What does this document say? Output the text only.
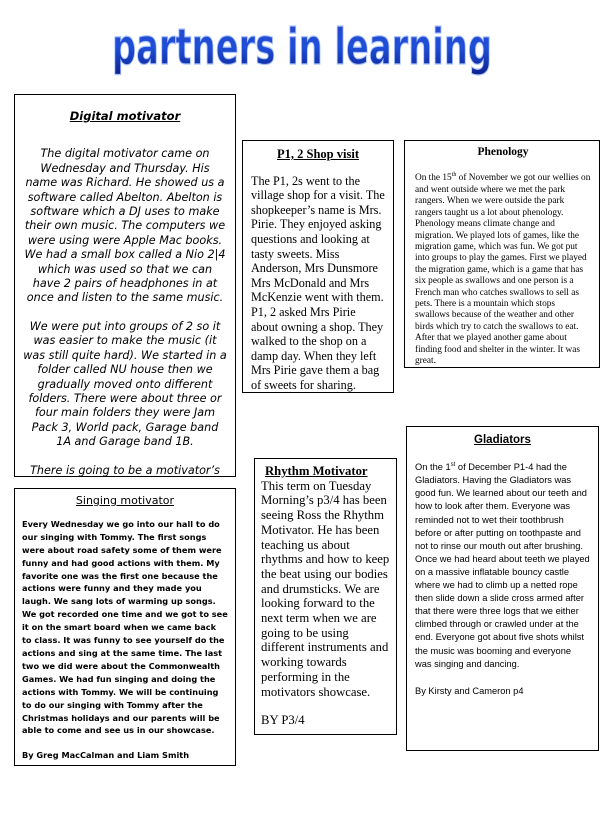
partners in learning

Digital motivator

The digital motivator came on Wednesday and Thursday. His name was Richard. He showed us a software called Abelton. Abelton is software which a DJ uses to make their own music. The computers we were using were Apple Mac books. We had a small box called a Nio 2|4 which was used so that we can have 2 pairs of headphones in at once and listen to the same music.

We were put into groups of 2 so it was easier to make the music (it was still quite hard). We started in a folder called NU house then we gradually moved onto different folders. There were about three or four main folders they were Jam Pack 3, World pack, Garage band 1A and Garage band 1B.

There is going to be a motivator’s

P1, 2 Shop visit

The P1, 2s went to the village shop for a visit. The shopkeeper’s name is Mrs. Pirie. They enjoyed asking questions and looking at tasty sweets. Miss Anderson, Mrs Dunsmore Mrs McDonald and Mrs McKenzie went with them. P1, 2 asked Mrs Pirie about owning a shop. They walked to the shop on a damp day. When they left Mrs Pirie gave them a bag of sweets for sharing.

Phenology

On the 15th of November we got our wellies on and went outside where we met the park rangers. When we were outside the park rangers taught us a lot about phenology. Phenology means climate change and migration. We played lots of games, like the migration game, which was fun. We got put into groups to play the games. First we played the migration game, which is a game that has six people as swallows and one person is a French man who catches swallows to sell as pets. There is a mountain which stops swallows because of the weather and other birds which try to catch the swallows to eat. After that we played another game about finding food and shelter in the winter. It was great.

Gladiators

On the 1st of December P1-4 had the Gladiators. Having the Gladiators was good fun. We learned about our teeth and how to look after them. Everyone was reminded not to wet their toothbrush before or after putting on toothpaste and not to rinse our mouth out after brushing. Once we had heard about teeth we played on a massive inflatable bouncy castle where we had to climb up a netted rope then slide down a slide cross armed after that there were three logs that we either climbed through or crawled under at the end. Everyone got about five shots whilst the music was booming and everyone was singing and dancing.

By Kirsty and Cameron p4

Rhythm Motivator

This term on Tuesday Morning’s p3/4 has been seeing Ross the Rhythm Motivator. He has been teaching us about rhythms and how to keep the beat using our bodies and drumsticks. We are looking forward to the next term when we are going to be using different instruments and working towards performing in the motivators showcase.

BY P3/4

Singing motivator

Every Wednesday we go into our hall to do our singing with Tommy. The first songs were about road safety some of them were funny and had good actions with them. My favorite one was the first one because the actions were funny and they made you laugh. We sang lots of warming up songs. We got recorded one time and we got to see it on the smart board when we came back to class. It was funny to see yourself do the actions and sing at the same time. The last two we did were about the Commonwealth Games. We had fun singing and doing the actions with Tommy. We will be continuing to do our singing with Tommy after the Christmas holidays and our parents will be able to come and see us in our showcase.

By Greg MacCalman and Liam Smith
